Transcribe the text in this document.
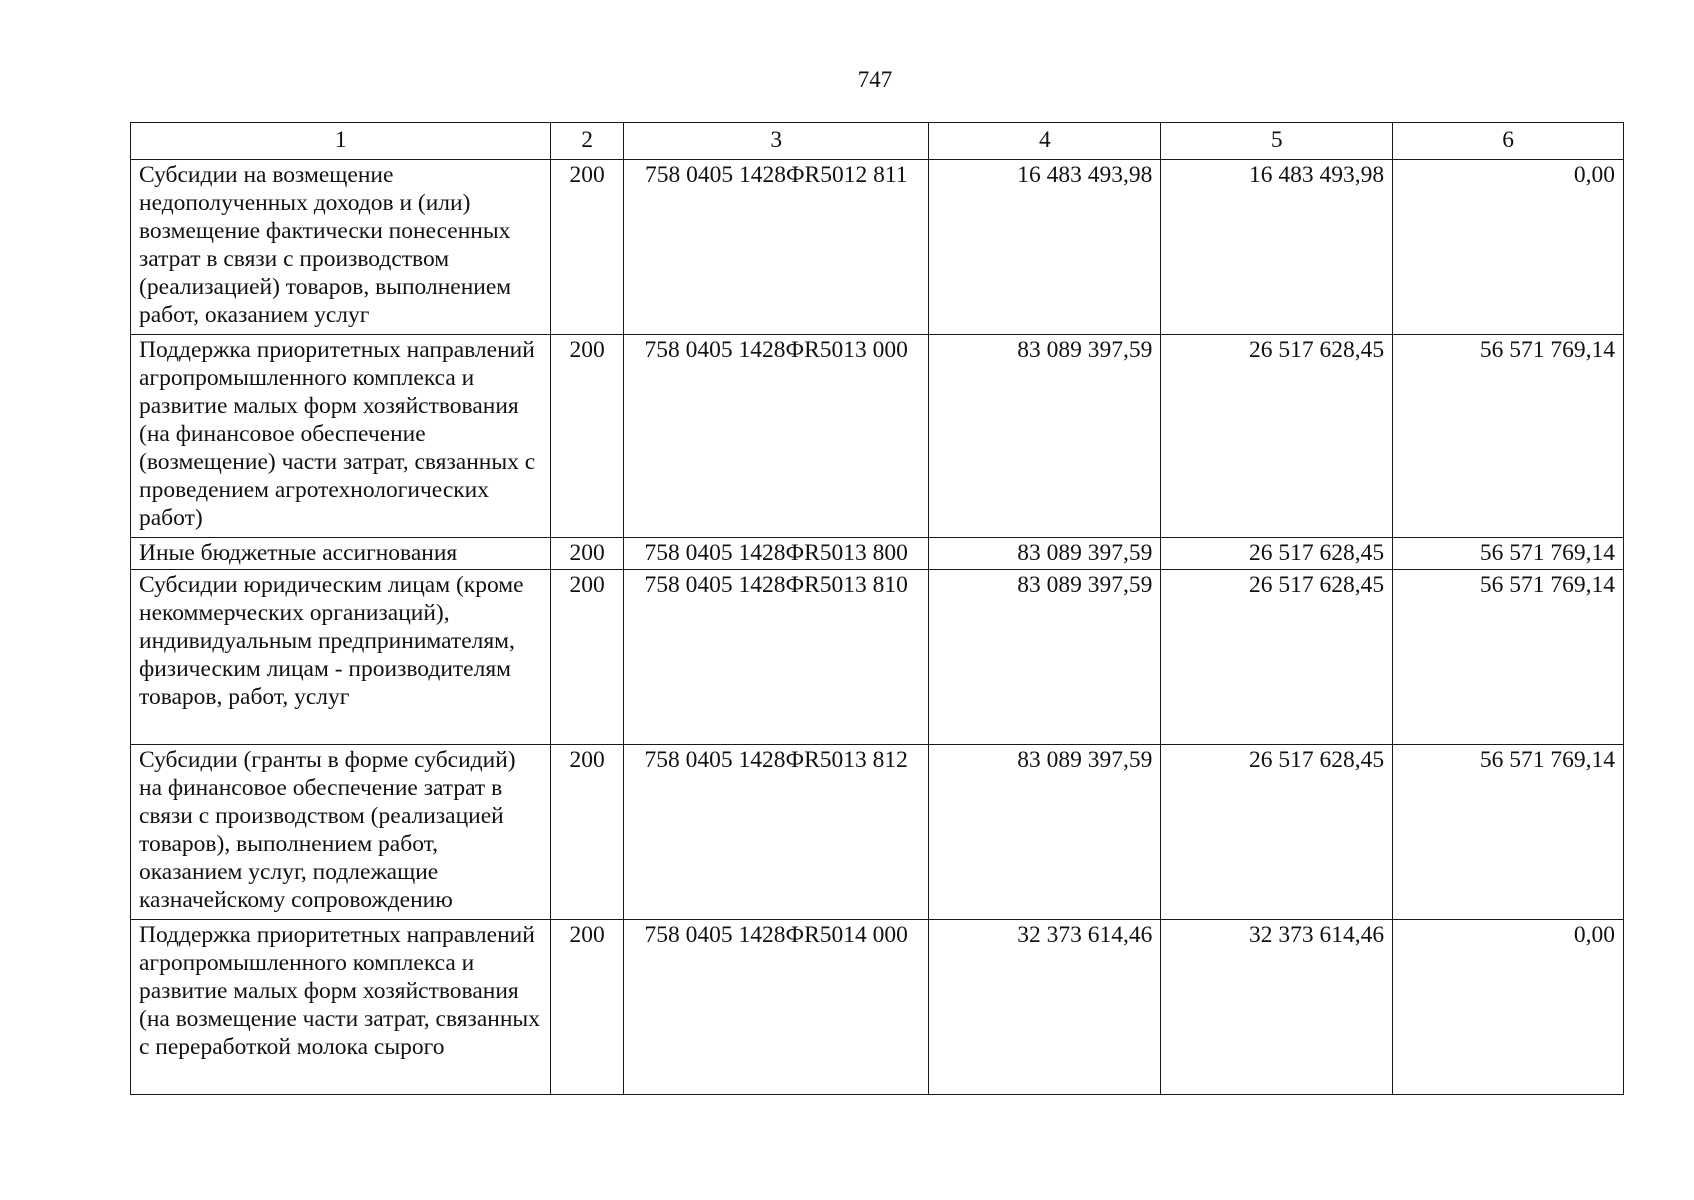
747
1	2	3	4	5	6
Субсидии на возмещение недополученных доходов и (или) возмещение фактически понесенных затрат в связи с производством (реализацией) товаров, выполнением работ, оказанием услуг	200	758 0405 1428ФR5012 811	16 483 493,98	16 483 493,98	0,00
Поддержка приоритетных направлений агропромышленного комплекса и развитие малых форм хозяйствования (на финансовое обеспечение (возмещение) части затрат, связанных с проведением агротехнологических работ)	200	758 0405 1428ФR5013 000	83 089 397,59	26 517 628,45	56 571 769,14
Иные бюджетные ассигнования	200	758 0405 1428ФR5013 800	83 089 397,59	26 517 628,45	56 571 769,14
Субсидии юридическим лицам (кроме некоммерческих организаций), индивидуальным предпринимателям, физическим лицам - производителям товаров, работ, услуг	200	758 0405 1428ФR5013 810	83 089 397,59	26 517 628,45	56 571 769,14
Субсидии (гранты в форме субсидий) на финансовое обеспечение затрат в связи с производством (реализацией товаров), выполнением работ, оказанием услуг, подлежащие казначейскому сопровождению	200	758 0405 1428ФR5013 812	83 089 397,59	26 517 628,45	56 571 769,14
Поддержка приоритетных направлений агропромышленного комплекса и развитие малых форм хозяйствования (на возмещение части затрат, связанных с переработкой молока сырого	200	758 0405 1428ФR5014 000	32 373 614,46	32 373 614,46	0,00
